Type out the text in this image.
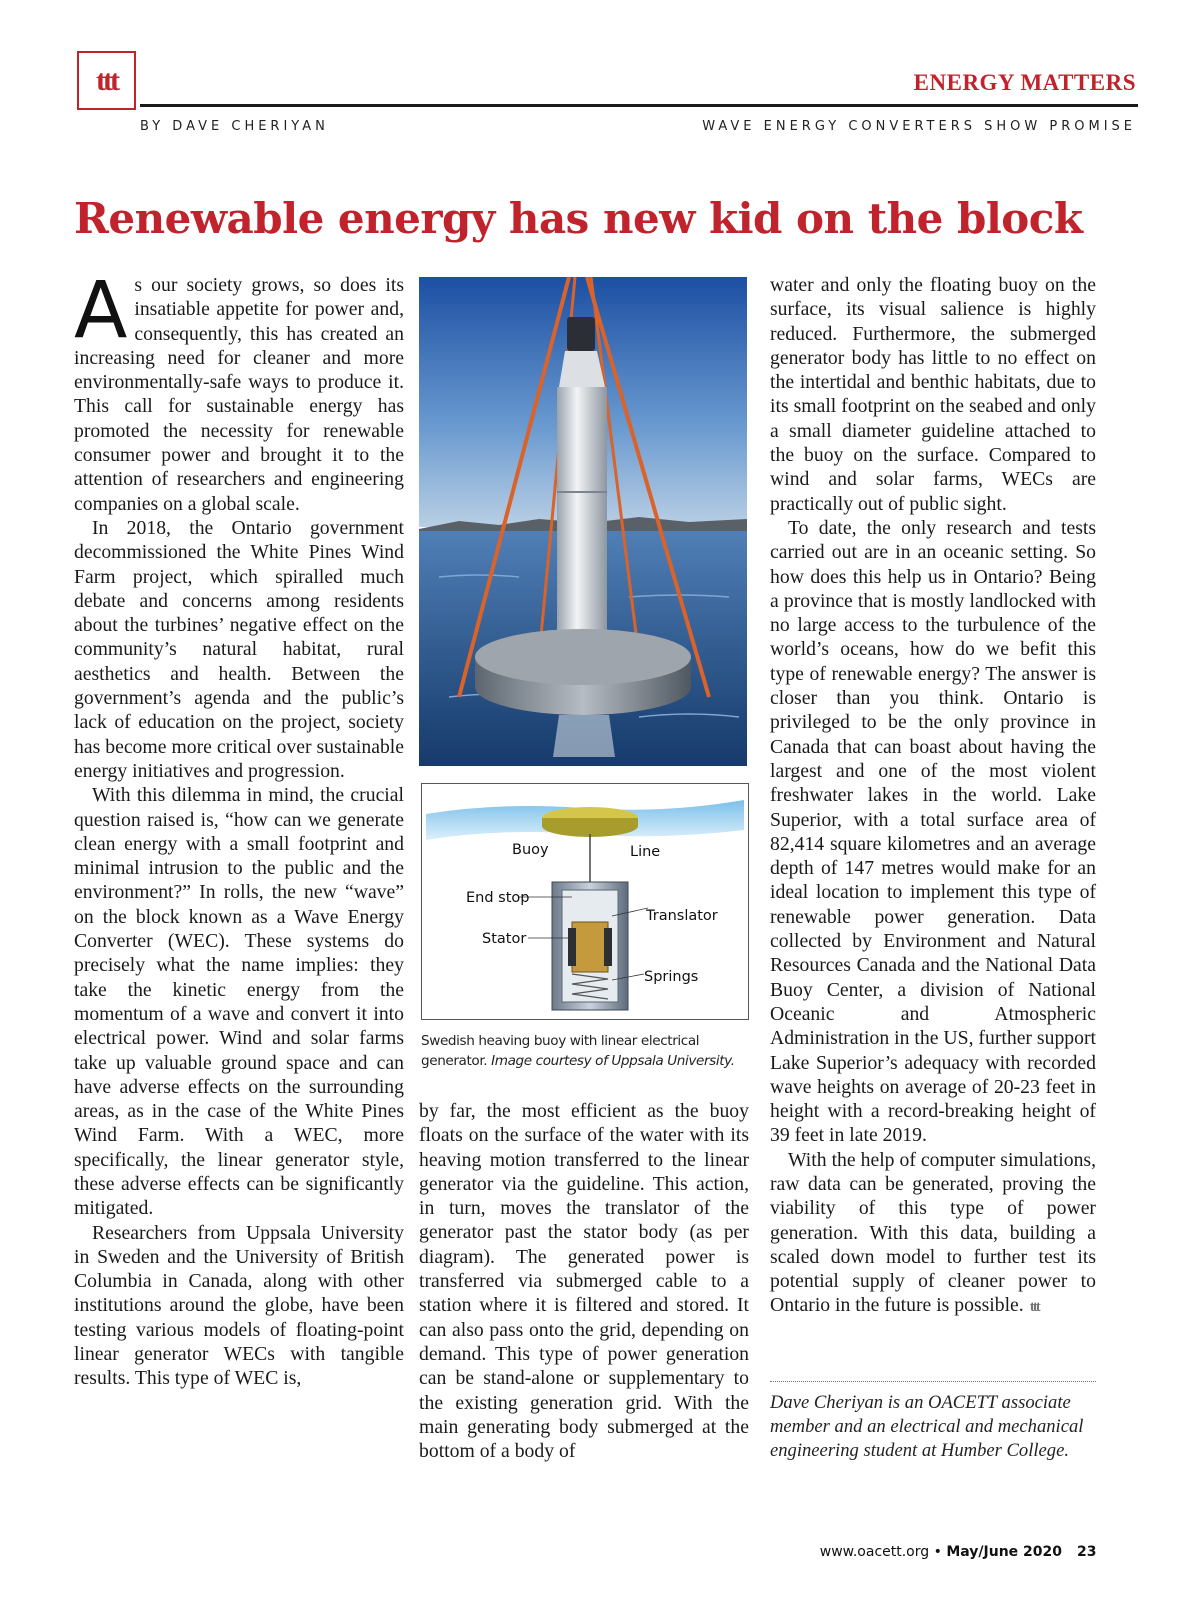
ttt	ENERGY MATTERS
BY DAVE CHERIYAN	WAVE ENERGY CONVERTERS SHOW PROMISE
Renewable energy has new kid on the block

As our society grows, so does its insatiable appetite for power and, consequently, this has created an increasing need for cleaner and more environmentally-safe ways to produce it. This call for sustainable energy has promoted the necessity for renewable consumer power and brought it to the attention of researchers and engineering companies on a global scale.

In 2018, the Ontario government decommissioned the White Pines Wind Farm project, which spiralled much debate and concerns among residents about the turbines’ negative effect on the community’s natural habitat, rural aesthetics and health. Between the government’s agenda and the public’s lack of education on the project, society has become more critical over sustainable energy initiatives and progression.

With this dilemma in mind, the crucial question raised is, “how can we generate clean energy with a small footprint and minimal intrusion to the public and the environment?” In rolls, the new “wave” on the block known as a Wave Energy Converter (WEC). These systems do precisely what the name implies: they take the kinetic energy from the momentum of a wave and convert it into electrical power. Wind and solar farms take up valuable ground space and can have adverse effects on the surrounding areas, as in the case of the White Pines Wind Farm. With a WEC, more specifically, the linear generator style, these adverse effects can be significantly mitigated.

Researchers from Uppsala University in Sweden and the University of British Columbia in Canada, along with other institutions around the globe, have been testing various models of floating-point linear generator WECs with tangible results. This type of WEC is,

Buoy	Line
End stop
Translator
Stator
Springs
Swedish heaving buoy with linear electrical generator. Image courtesy of Uppsala University.

by far, the most efficient as the buoy floats on the surface of the water with its heaving motion transferred to the linear generator via the guideline. This action, in turn, moves the translator of the generator past the stator body (as per diagram). The generated power is transferred via submerged cable to a station where it is filtered and stored. It can also pass onto the grid, depending on demand. This type of power generation can be stand-alone or supplementary to the existing generation grid. With the main generating body submerged at the bottom of a body of

water and only the floating buoy on the surface, its visual salience is highly reduced. Furthermore, the submerged generator body has little to no effect on the intertidal and benthic habitats, due to its small footprint on the seabed and only a small diameter guideline attached to the buoy on the surface. Compared to wind and solar farms, WECs are practically out of public sight.

To date, the only research and tests carried out are in an oceanic setting. So how does this help us in Ontario? Being a province that is mostly landlocked with no large access to the turbulence of the world’s oceans, how do we befit this type of renewable energy? The answer is closer than you think. Ontario is privileged to be the only province in Canada that can boast about having the largest and one of the most violent freshwater lakes in the world. Lake Superior, with a total surface area of 82,414 square kilometres and an average depth of 147 metres would make for an ideal location to implement this type of renewable power generation. Data collected by Environment and Natural Resources Canada and the National Data Buoy Center, a division of National Oceanic and Atmospheric Administration in the US, further support Lake Superior’s adequacy with recorded wave heights on average of 20-23 feet in height with a record-breaking height of 39 feet in late 2019.

With the help of computer simulations, raw data can be generated, proving the viability of this type of power generation. With this data, building a scaled down model to further test its potential supply of cleaner power to Ontario in the future is possible. ttt

Dave Cheriyan is an OACETT associate member and an electrical and mechanical engineering student at Humber College.
www.oacett.org • May/June 2020 23
